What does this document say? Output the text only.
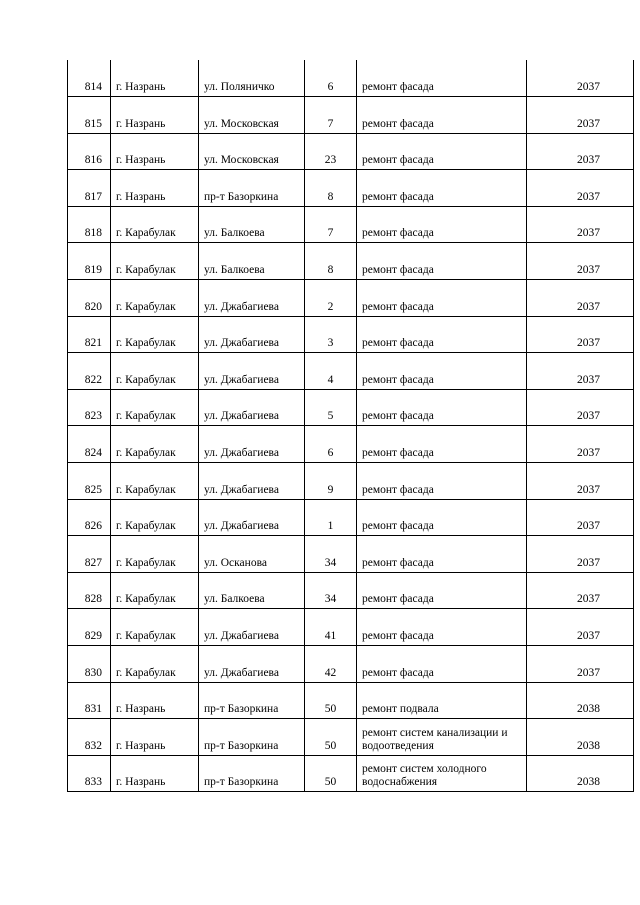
814	г. Назрань	ул. Поляничко	6	ремонт фасада	2037
815	г. Назрань	ул. Московская	7	ремонт фасада	2037
816	г. Назрань	ул. Московская	23	ремонт фасада	2037
817	г. Назрань	пр-т Базоркина	8	ремонт фасада	2037
818	г. Карабулак	ул. Балкоева	7	ремонт фасада	2037
819	г. Карабулак	ул. Балкоева	8	ремонт фасада	2037
820	г. Карабулак	ул. Джабагиева	2	ремонт фасада	2037
821	г. Карабулак	ул. Джабагиева	3	ремонт фасада	2037
822	г. Карабулак	ул. Джабагиева	4	ремонт фасада	2037
823	г. Карабулак	ул. Джабагиева	5	ремонт фасада	2037
824	г. Карабулак	ул. Джабагиева	6	ремонт фасада	2037
825	г. Карабулак	ул. Джабагиева	9	ремонт фасада	2037
826	г. Карабулак	ул. Джабагиева	1	ремонт фасада	2037
827	г. Карабулак	ул. Осканова	34	ремонт фасада	2037
828	г. Карабулак	ул. Балкоева	34	ремонт фасада	2037
829	г. Карабулак	ул. Джабагиева	41	ремонт фасада	2037
830	г. Карабулак	ул. Джабагиева	42	ремонт фасада	2037
831	г. Назрань	пр-т Базоркина	50	ремонт подвала	2038
832	г. Назрань	пр-т Базоркина	50	ремонт систем канализации и водоотведения	2038
833	г. Назрань	пр-т Базоркина	50	ремонт систем холодного водоснабжения	2038
